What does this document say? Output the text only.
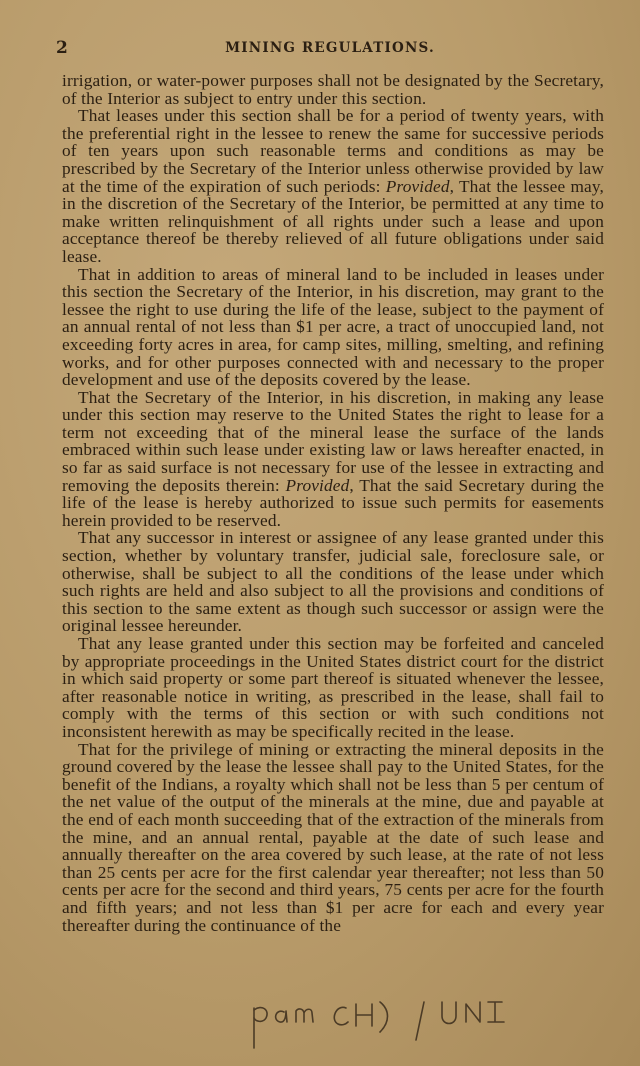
2	MINING REGULATIONS.

irrigation, or water-power purposes shall not be designated by the Secretary, of the Interior as subject to entry under this section.

That leases under this section shall be for a period of twenty years, with the preferential right in the lessee to renew the same for successive periods of ten years upon such reasonable terms and conditions as may be prescribed by the Secretary of the Interior unless otherwise provided by law at the time of the expiration of such periods: Provided, That the lessee may, in the discretion of the Secretary of the Interior, be permitted at any time to make written relinquishment of all rights under such a lease and upon acceptance thereof be thereby relieved of all future obligations under said lease.

That in addition to areas of mineral land to be included in leases under this section the Secretary of the Interior, in his discretion, may grant to the lessee the right to use during the life of the lease, subject to the payment of an annual rental of not less than $1 per acre, a tract of unoccupied land, not exceeding forty acres in area, for camp sites, milling, smelting, and refining works, and for other purposes connected with and necessary to the proper development and use of the deposits covered by the lease.

That the Secretary of the Interior, in his discretion, in making any lease under this section may reserve to the United States the right to lease for a term not exceeding that of the mineral lease the surface of the lands embraced within such lease under existing law or laws hereafter enacted, in so far as said surface is not necessary for use of the lessee in extracting and removing the deposits therein: Provided, That the said Secretary during the life of the lease is hereby authorized to issue such permits for easements herein provided to be reserved.

That any successor in interest or assignee of any lease granted under this section, whether by voluntary transfer, judicial sale, foreclosure sale, or otherwise, shall be subject to all the conditions of the lease under which such rights are held and also subject to all the provisions and conditions of this section to the same extent as though such successor or assign were the original lessee hereunder.

That any lease granted under this section may be forfeited and canceled by appropriate proceedings in the United States district court for the district in which said property or some part thereof is situated whenever the lessee, after reasonable notice in writing, as prescribed in the lease, shall fail to comply with the terms of this section or with such conditions not inconsistent herewith as may be specifically recited in the lease.

That for the privilege of mining or extracting the mineral deposits in the ground covered by the lease the lessee shall pay to the United States, for the benefit of the Indians, a royalty which shall not be less than 5 per centum of the net value of the output of the minerals at the mine, due and payable at the end of each month succeeding that of the extraction of the minerals from the mine, and an annual rental, payable at the date of such lease and annually thereafter on the area covered by such lease, at the rate of not less than 25 cents per acre for the first calendar year thereafter; not less than 50 cents per acre for the second and third years, 75 cents per acre for the fourth and fifth years; and not less than $1 per acre for each and every year thereafter during the continuance of the
